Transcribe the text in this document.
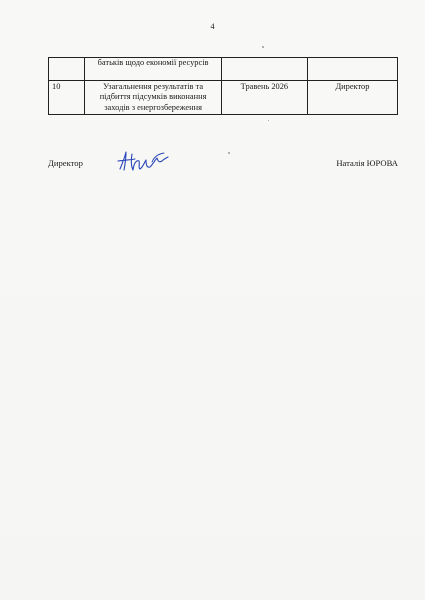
4
	батьків щодо економії ресурсів		
10	Узагальнення результатів та підбиття підсумків виконання заходів з енергозбереження	Травень 2026	Директор
Директор	Наталія ЮРОВА
